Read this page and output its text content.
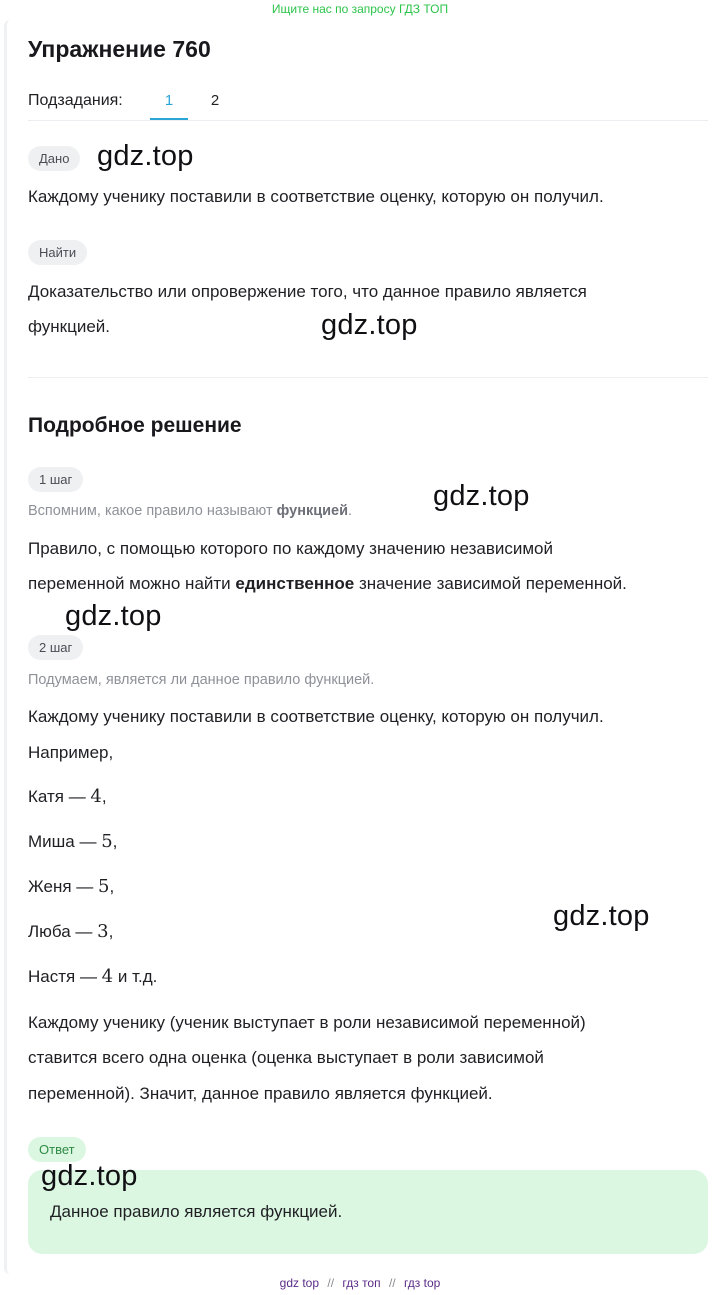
Ищите нас по запросу ГДЗ ТОП
Упражнение 760
Подзадания:	1	2
Дано
Каждому ученику поставили в соответствие оценку, которую он получил.
Найти
Доказательство или опровержение того, что данное правило является
функцией.
Подробное решение
1 шаг
Вспомним, какое правило называют функцией.
Правило, с помощью которого по каждому значению независимой
переменной можно найти единственное значение зависимой переменной.
2 шаг
Подумаем, является ли данное правило функцией.
Каждому ученику поставили в соответствие оценку, которую он получил.
Например,
Катя — 4,
Миша — 5,
Женя — 5,
Люба — 3,
Настя — 4 и т.д.
Каждому ученику (ученик выступает в роли независимой переменной)
ставится всего одна оценка (оценка выступает в роли зависимой
переменной). Значит, данное правило является функцией.
Ответ
Данное правило является функцией.
gdz.top
gdz.top
gdz.top
gdz.top
gdz.top
gdz.top
gdz top // гдз топ // гдз top
